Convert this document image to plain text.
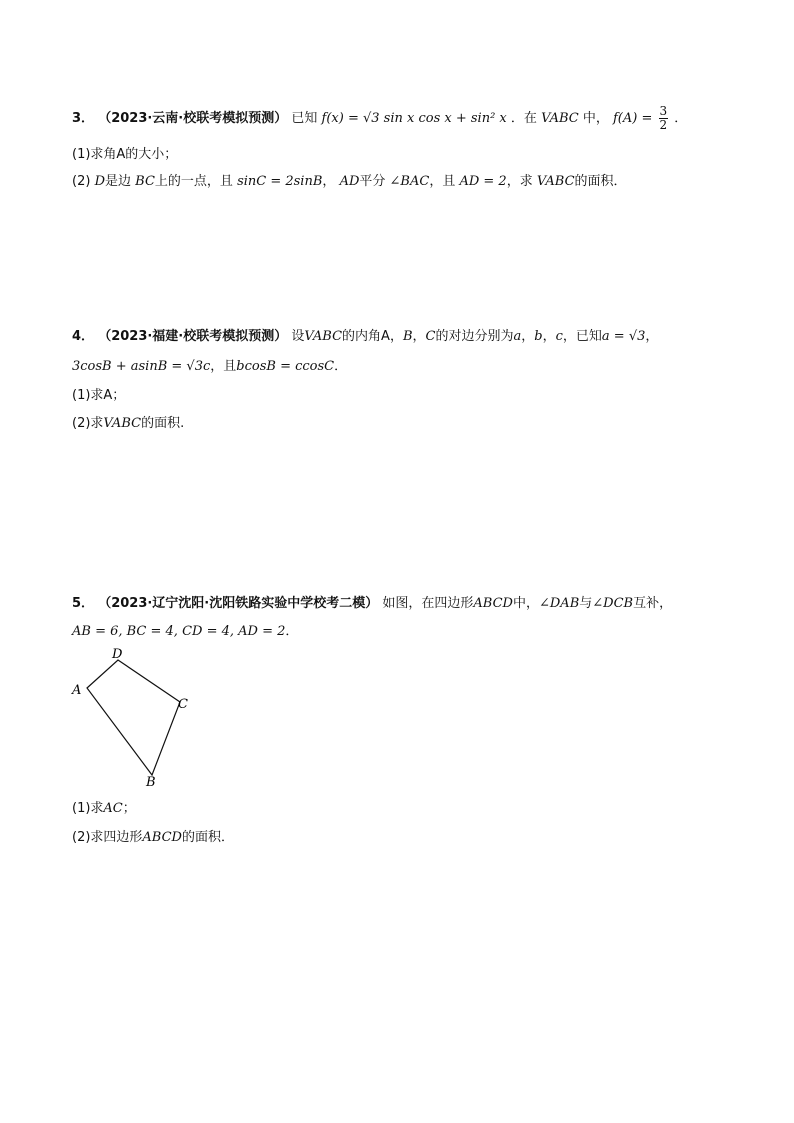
3． （2023·云南·校联考模拟预测） 已知 f(x) = √3 sin x cos x + sin² x ．在 VABC 中， $f(A) = \frac{3}{2}$ ．
(1)求角A的大小；
(2) D是边 BC上的一点，且 sinC = 2sinB， AD平分 ∠BAC，且 AD = 2，求 VABC的面积．
4． （2023·福建·校联考模拟预测） 设VABC的内角A，B，C的对边分别为a，b，c，已知a = √3，
3cosB + asinB = √3c，且bcosB = ccosC．
(1)求A；
(2)求VABC的面积.
5． （2023·辽宁沈阳·沈阳铁路实验中学校考二模） 如图，在四边形ABCD中，∠DAB与∠DCB互补，
AB = 6, BC = 4, CD = 4, AD = 2．
D
A
C
B
(1)求AC；
(2)求四边形ABCD的面积．
